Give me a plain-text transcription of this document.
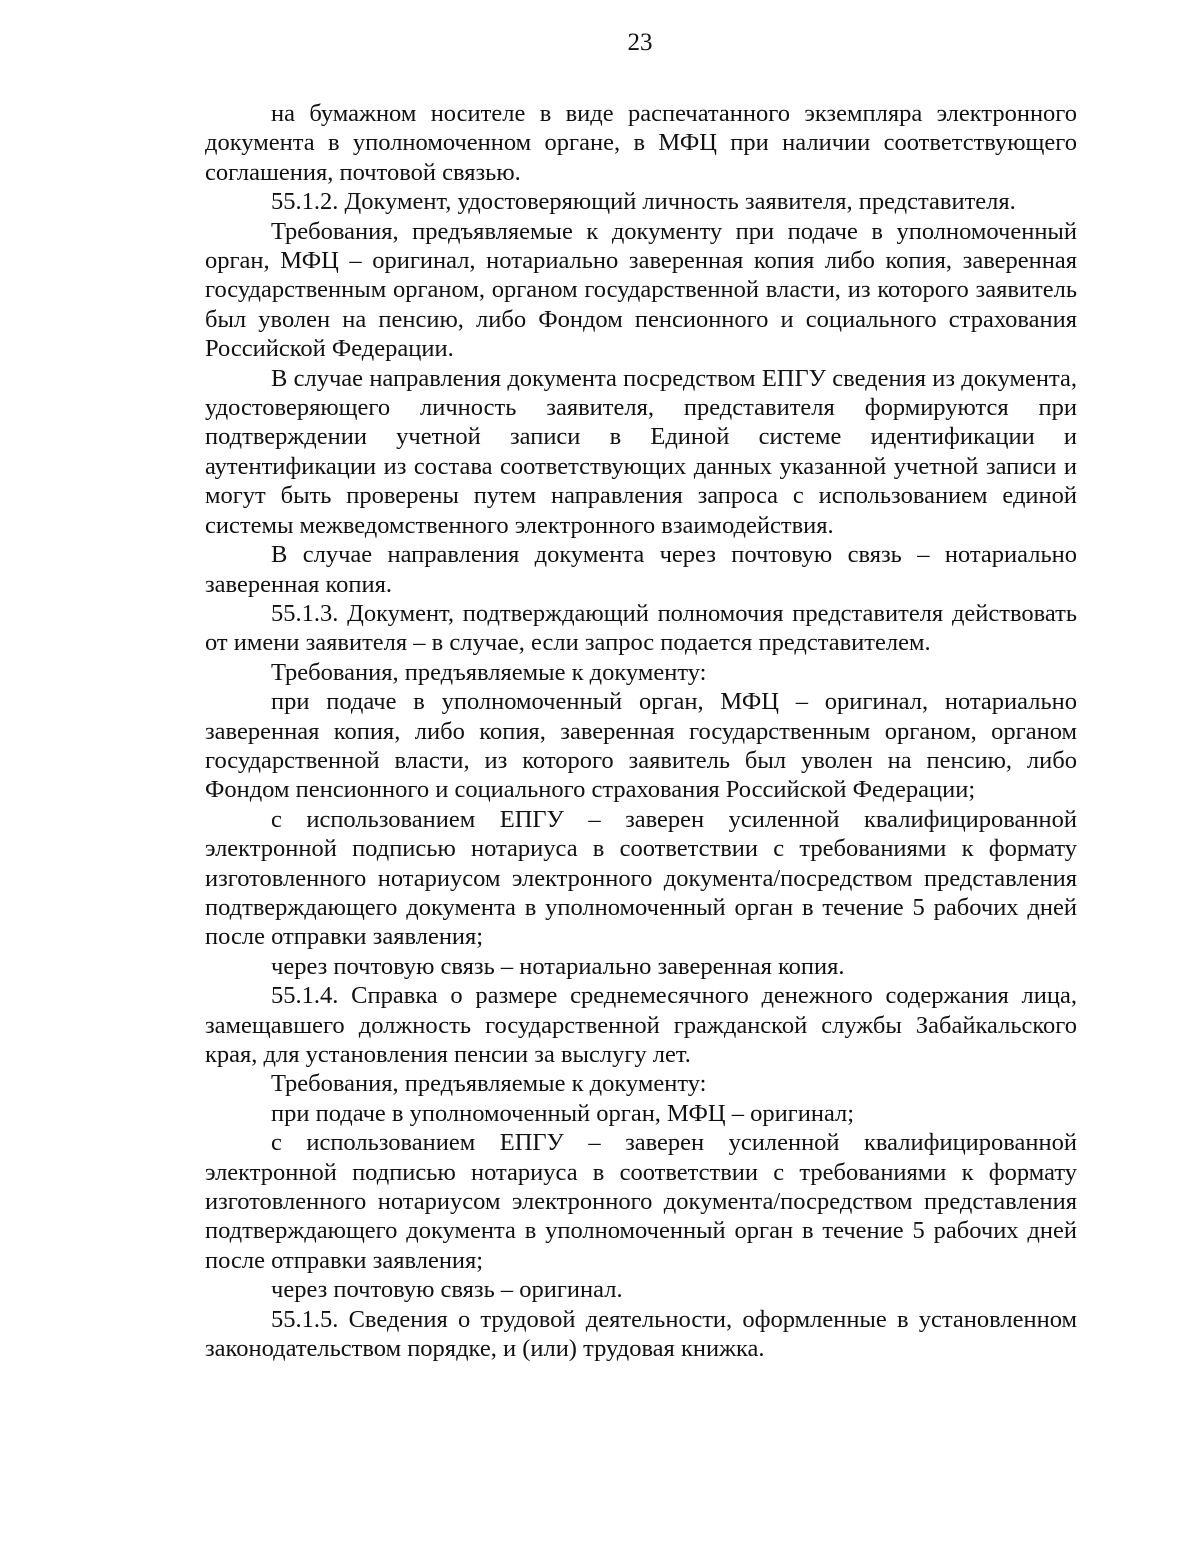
23

на бумажном носителе в виде распечатанного экземпляра электронного документа в уполномоченном органе, в МФЦ при наличии соответствующего соглашения, почтовой связью.

55.1.2. Документ, удостоверяющий личность заявителя, представителя.

Требования, предъявляемые к документу при подаче в уполномоченный орган, МФЦ – оригинал, нотариально заверенная копия либо копия, заверенная государственным органом, органом государственной власти, из которого заявитель был уволен на пенсию, либо Фондом пенсионного и социального страхования Российской Федерации.

В случае направления документа посредством ЕПГУ сведения из документа, удостоверяющего личность заявителя, представителя формируются при подтверждении учетной записи в Единой системе идентификации и аутентификации из состава соответствующих данных указанной учетной записи и могут быть проверены путем направления запроса с использованием единой системы межведомственного электронного взаимодействия.

В случае направления документа через почтовую связь – нотариально заверенная копия.

55.1.3. Документ, подтверждающий полномочия представителя действовать от имени заявителя – в случае, если запрос подается представителем.

Требования, предъявляемые к документу:

при подаче в уполномоченный орган, МФЦ – оригинал, нотариально заверенная копия, либо копия, заверенная государственным органом, органом государственной власти, из которого заявитель был уволен на пенсию, либо Фондом пенсионного и социального страхования Российской Федерации;

с использованием ЕПГУ – заверен усиленной квалифицированной электронной подписью нотариуса в соответствии с требованиями к формату изготовленного нотариусом электронного документа/посредством представления подтверждающего документа в уполномоченный орган в течение 5 рабочих дней после отправки заявления;

через почтовую связь – нотариально заверенная копия.

55.1.4. Справка о размере среднемесячного денежного содержания лица, замещавшего должность государственной гражданской службы Забайкальского края, для установления пенсии за выслугу лет.

Требования, предъявляемые к документу:

при подаче в уполномоченный орган, МФЦ – оригинал;

с использованием ЕПГУ – заверен усиленной квалифицированной электронной подписью нотариуса в соответствии с требованиями к формату изготовленного нотариусом электронного документа/посредством представления подтверждающего документа в уполномоченный орган в течение 5 рабочих дней после отправки заявления;

через почтовую связь – оригинал.

55.1.5. Сведения о трудовой деятельности, оформленные в установленном законодательством порядке, и (или) трудовая книжка.
